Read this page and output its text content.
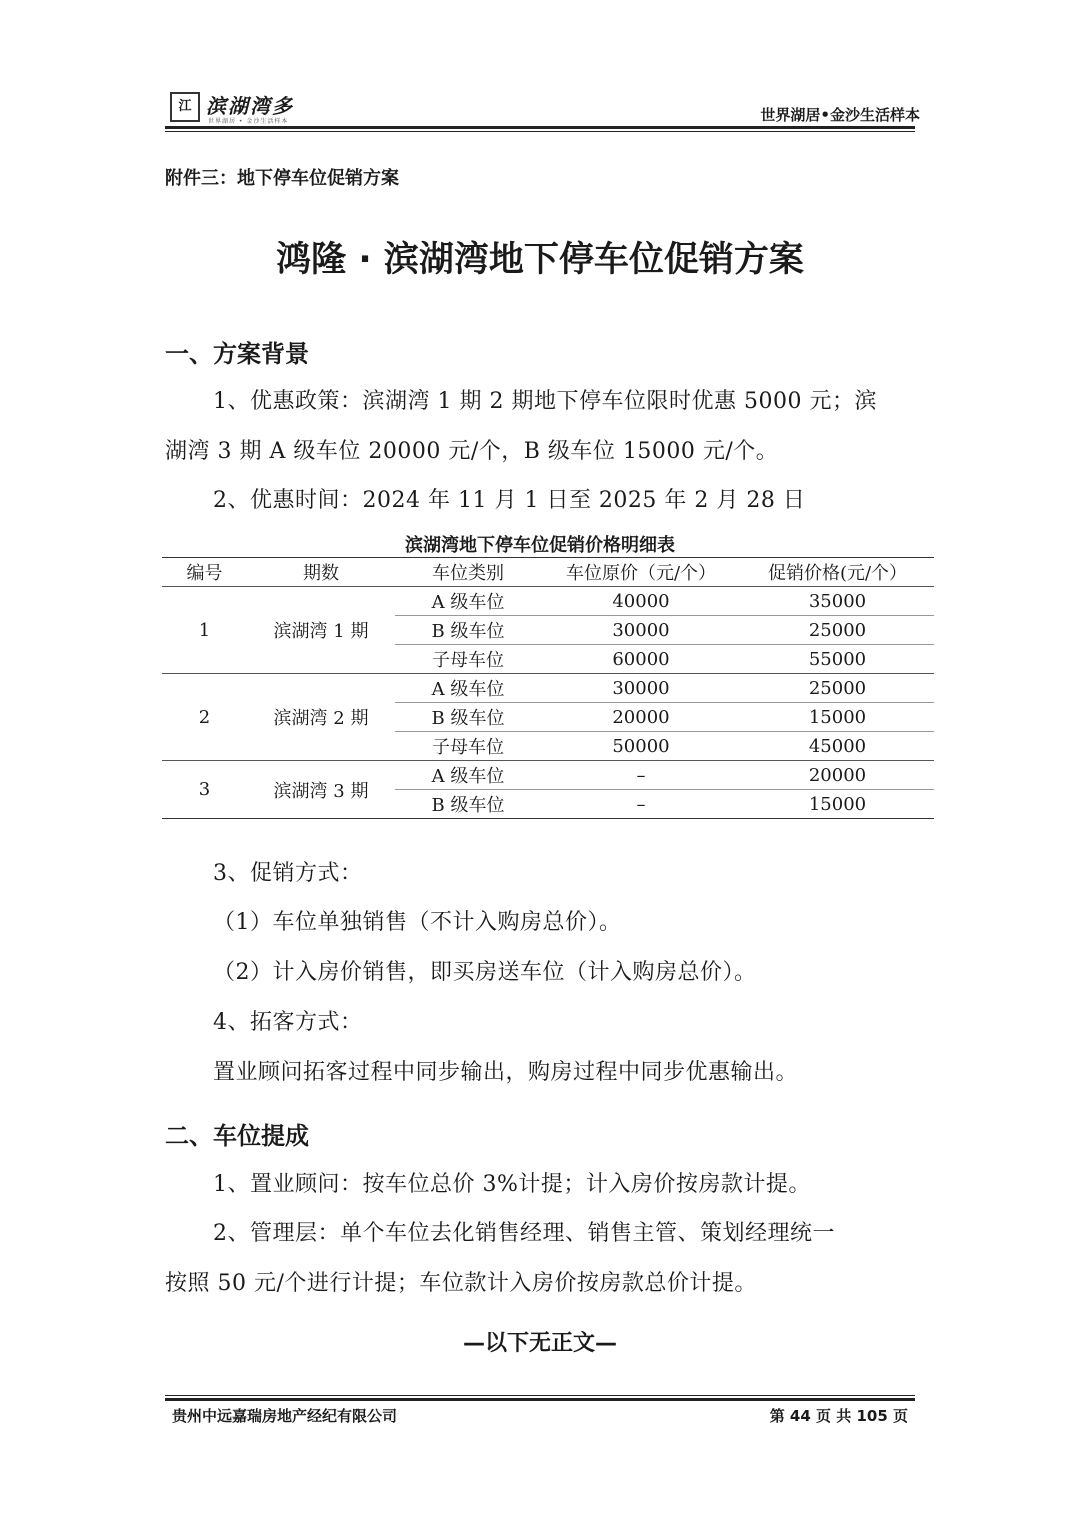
江 滨湖湾多
世界湖居 • 金沙生活样本	世界湖居•金沙生活样本
附件三：地下停车位促销方案
鸿隆 · 滨湖湾地下停车位促销方案
一、方案背景
1、优惠政策：滨湖湾 1 期 2 期地下停车位限时优惠 5000 元；滨
湖湾 3 期 A 级车位 20000 元/个，B 级车位 15000 元/个。
2、优惠时间：2024 年 11 月 1 日至 2025 年 2 月 28 日
滨湖湾地下停车位促销价格明细表
编号	期数	车位类别	车位原价（元/个）	促销价格(元/个）
1	滨湖湾 1 期	A 级车位	40000	35000
		B 级车位	30000	25000
		子母车位	60000	55000
2	滨湖湾 2 期	A 级车位	30000	25000
		B 级车位	20000	15000
		子母车位	50000	45000
3	滨湖湾 3 期	A 级车位	–	20000
		B 级车位	–	15000
3、促销方式：
（1）车位单独销售（不计入购房总价）。
（2）计入房价销售，即买房送车位（计入购房总价）。
4、拓客方式：
置业顾问拓客过程中同步输出，购房过程中同步优惠输出。
二、车位提成
1、置业顾问：按车位总价 3%计提；计入房价按房款计提。
2、管理层：单个车位去化销售经理、销售主管、策划经理统一
按照 50 元/个进行计提；车位款计入房价按房款总价计提。
—以下无正文—
贵州中远嘉瑞房地产经纪有限公司	第 44 页 共 105 页
